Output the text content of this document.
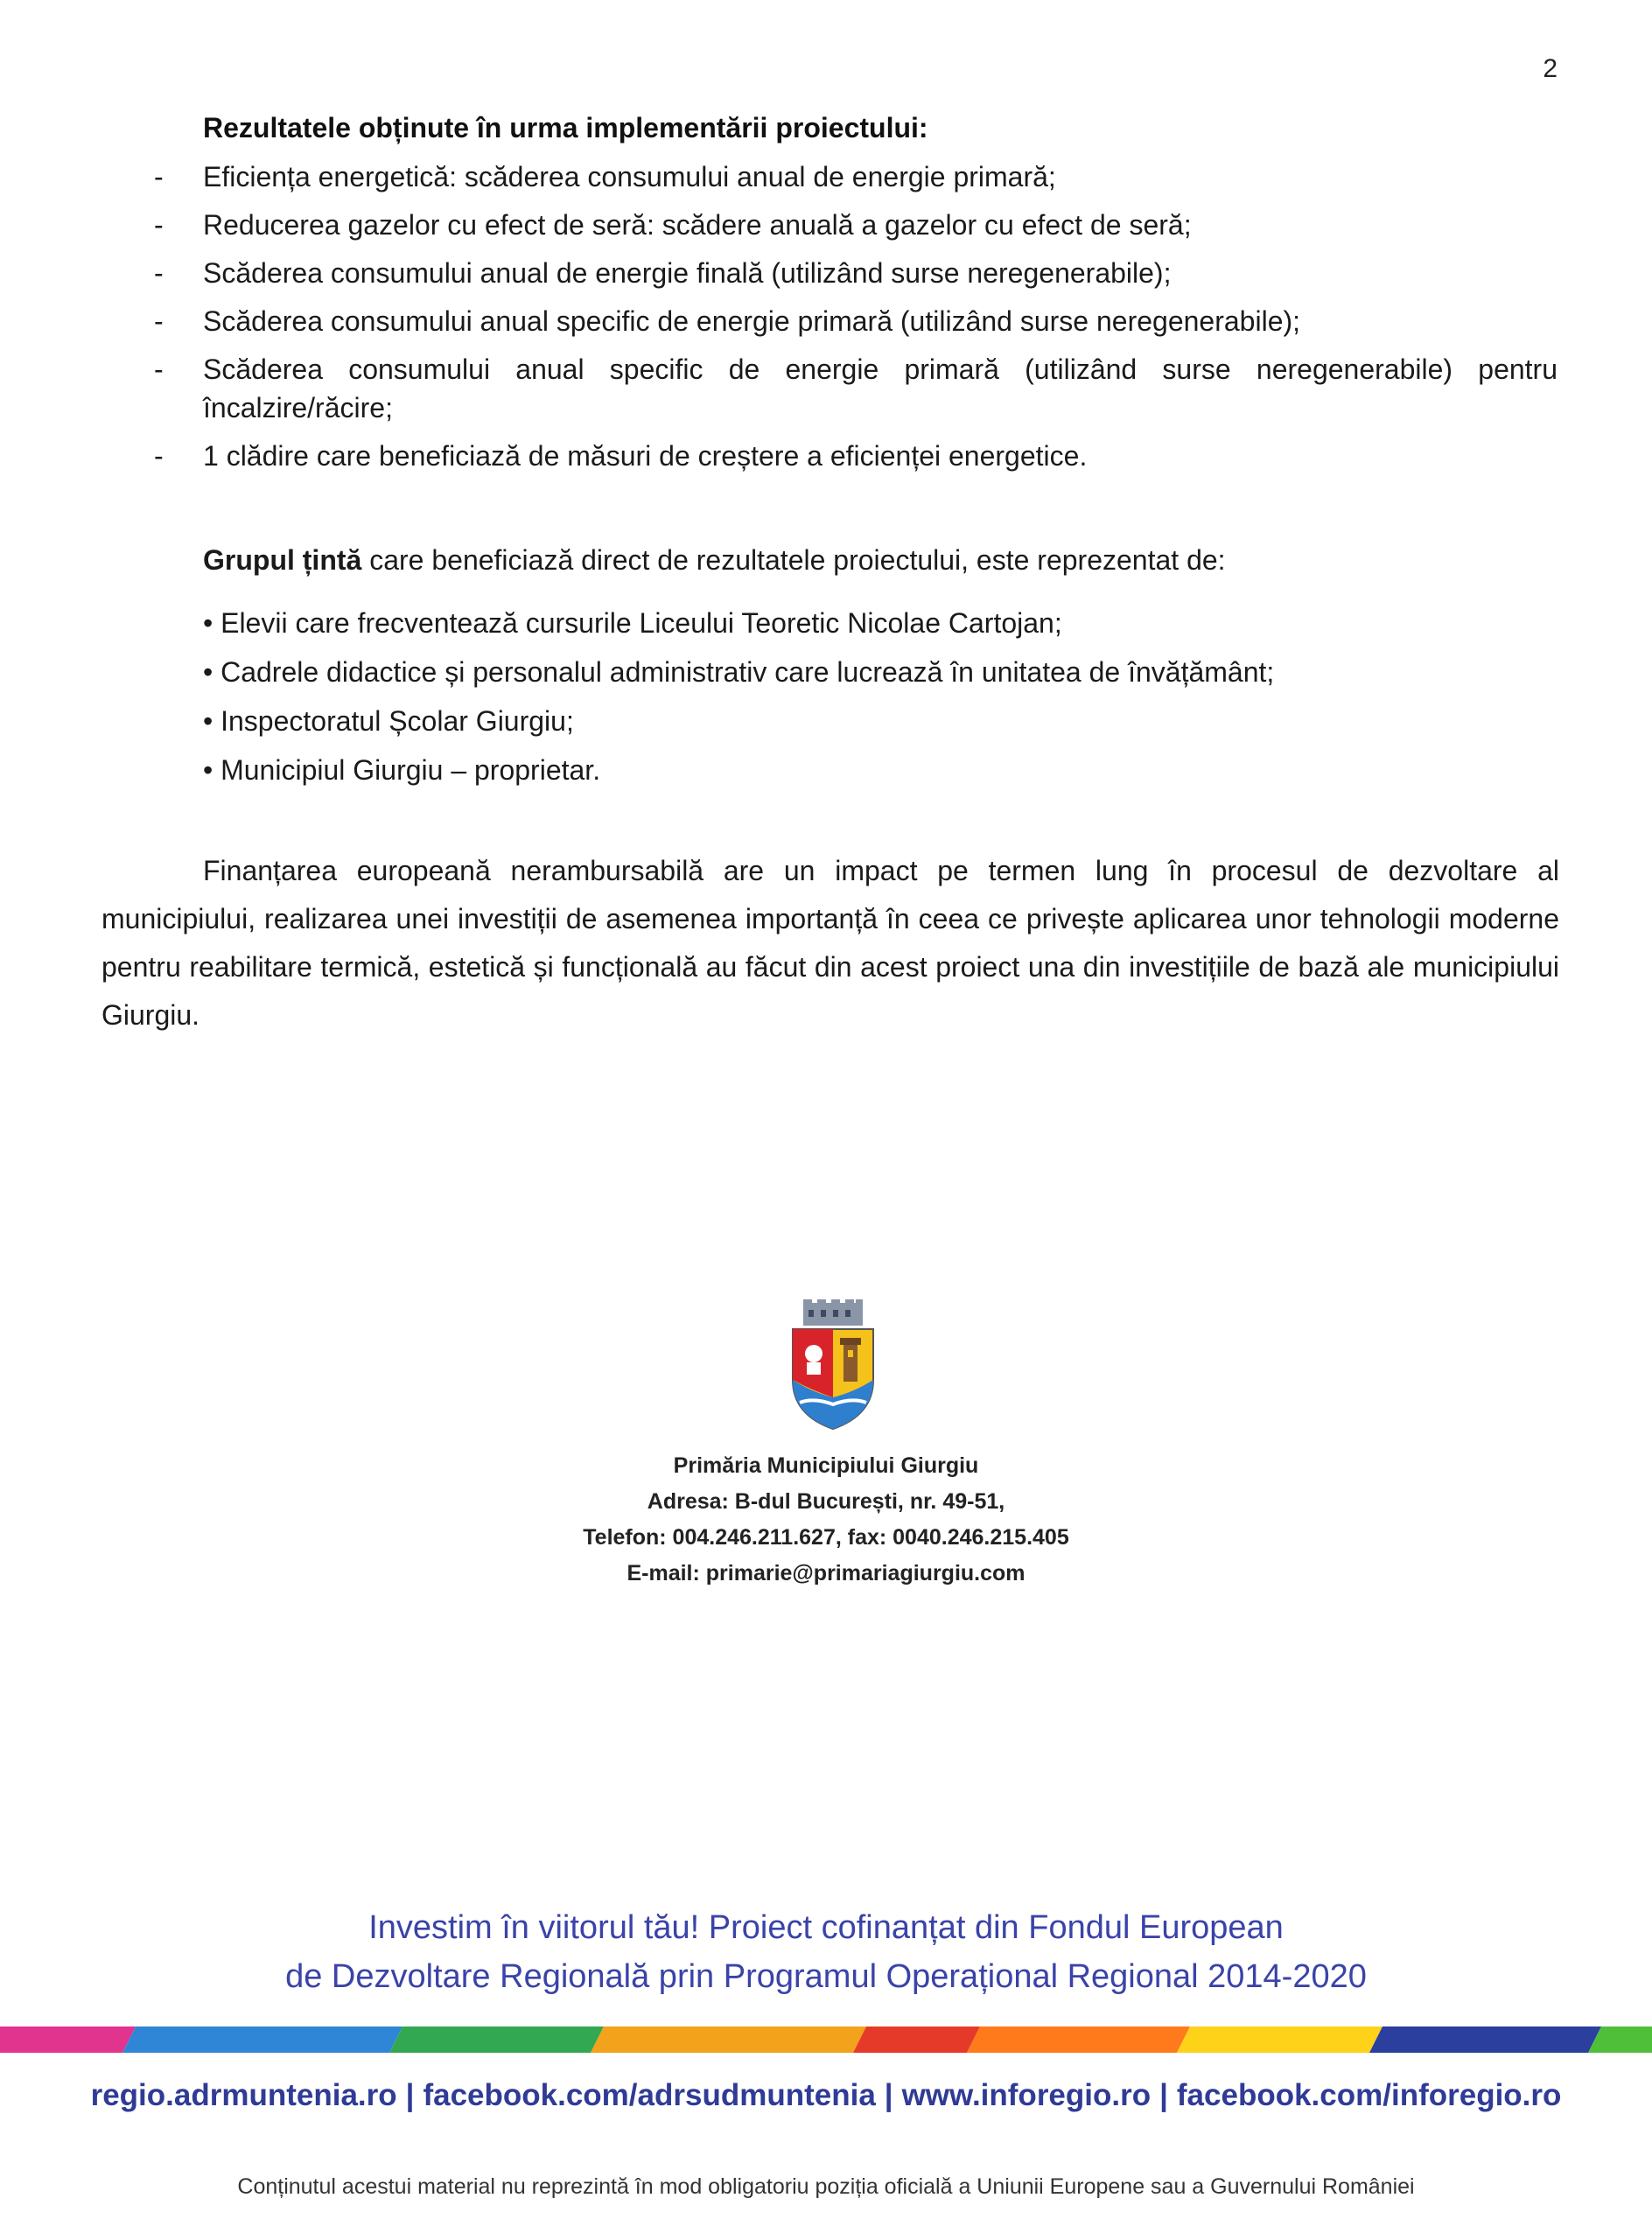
2
Rezultatele obținute în urma implementării proiectului:
- Eficiența energetică: scăderea consumului anual de energie primară;
- Reducerea gazelor cu efect de seră: scădere anuală a gazelor cu efect de seră;
- Scăderea consumului anual de energie finală (utilizând surse neregenerabile);
- Scăderea consumului anual specific de energie primară (utilizând surse neregenerabile);
- Scăderea consumului anual specific de energie primară (utilizând surse neregenerabile) pentru încalzire/răcire;
- 1 clădire care beneficiază de măsuri de creștere a eficienței energetice.
Grupul țintă care beneficiază direct de rezultatele proiectului, este reprezentat de:
• Elevii care frecventează cursurile Liceului Teoretic Nicolae Cartojan;
• Cadrele didactice și personalul administrativ care lucrează în unitatea de învățământ;
• Inspectoratul Școlar Giurgiu;
• Municipiul Giurgiu – proprietar.

Finanțarea europeană nerambursabilă are un impact pe termen lung în procesul de dezvoltare al municipiului, realizarea unei investiții de asemenea importanță în ceea ce privește aplicarea unor tehnologii moderne pentru reabilitare termică, estetică și funcțională au făcut din acest proiect una din investițiile de bază ale municipiului Giurgiu.

Primăria Municipiului Giurgiu
Adresa: B-dul București, nr. 49-51,
Telefon: 004.246.211.627, fax: 0040.246.215.405
E-mail: primarie@primariagiurgiu.com
Investim în viitorul tău! Proiect cofinanțat din Fondul European
de Dezvoltare Regională prin Programul Operațional Regional 2014-2020
regio.adrmuntenia.ro | facebook.com/adrsudmuntenia | www.inforegio.ro | facebook.com/inforegio.ro
Conținutul acestui material nu reprezintă în mod obligatoriu poziția oficială a Uniunii Europene sau a Guvernului României
